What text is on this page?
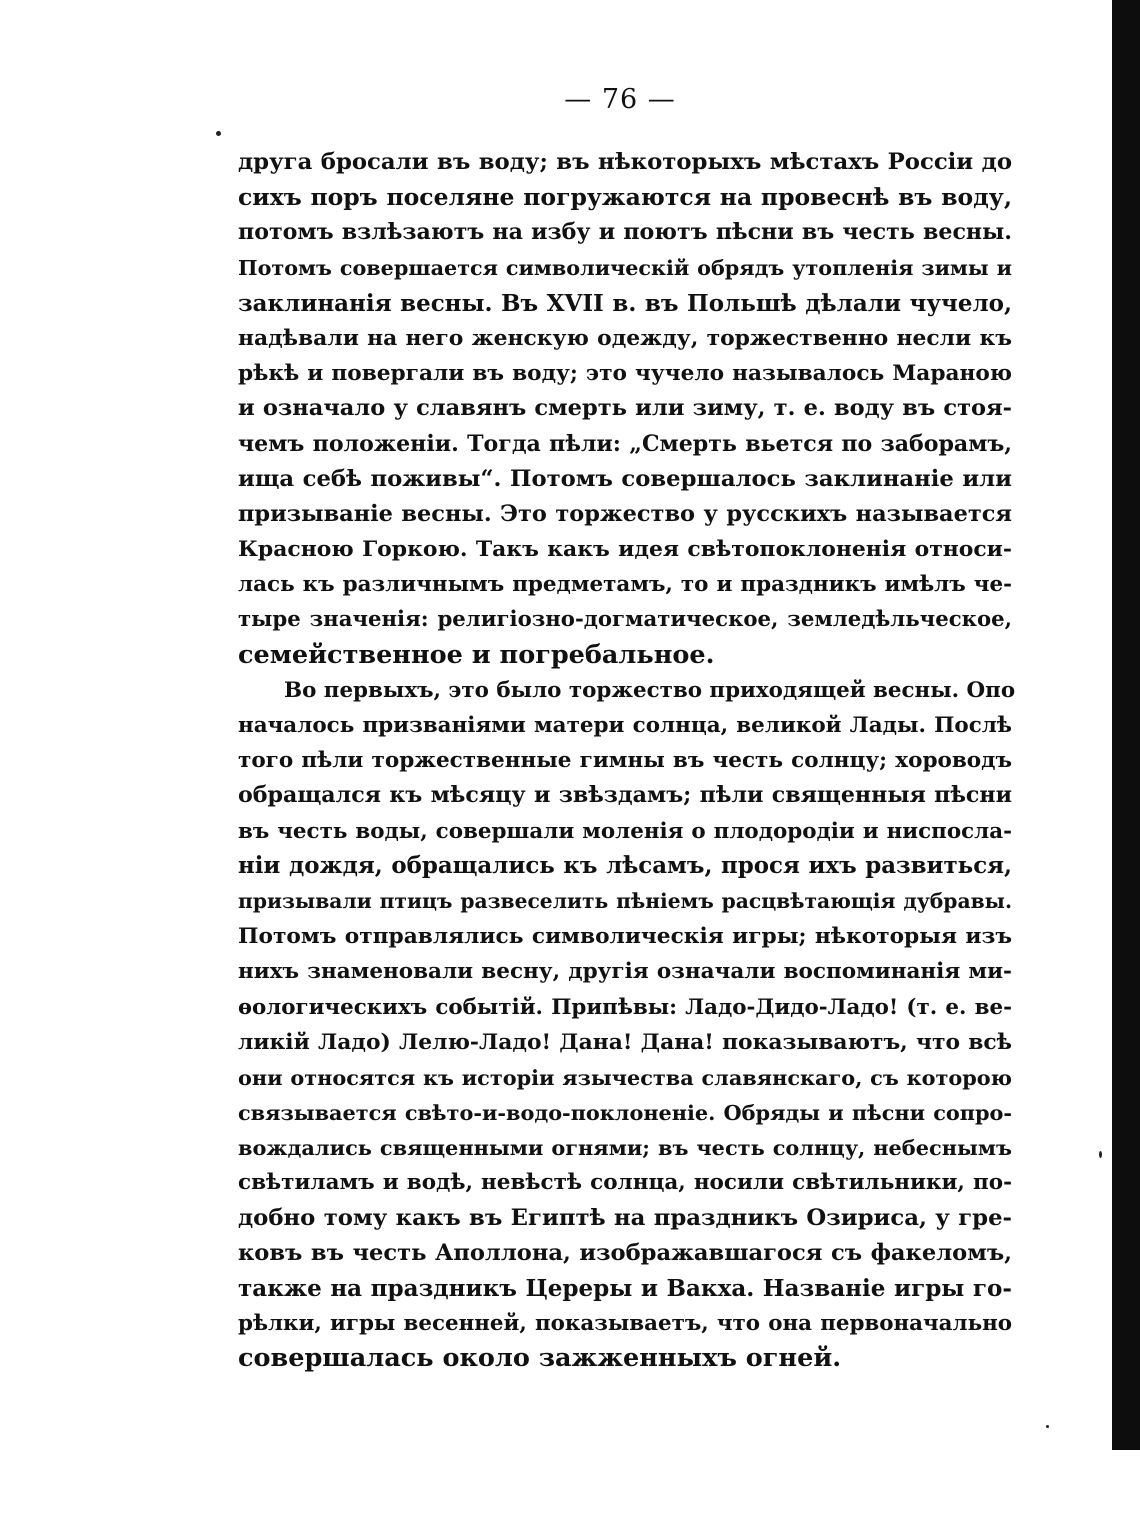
— 76 —
друга бросали въ воду; въ нѣкоторыхъ мѣстахъ Россіи до
сихъ поръ поселяне погружаются на провеснѣ въ воду,
потомъ взлѣзаютъ на избу и поютъ пѣсни въ честь весны.
Потомъ совершается символическій обрядъ утопленія зимы и
заклинанія весны. Въ XVII в. въ Польшѣ дѣлали чучело,
надѣвали на него женскую одежду, торжественно несли къ
рѣкѣ и повергали въ воду; это чучело называлось Мараною
и означало у славянъ смерть или зиму, т. е. воду въ стоя-
чемъ положеніи. Тогда пѣли: „Смерть вьется по заборамъ,
ища себѣ поживы“. Потомъ совершалось заклинаніе или
призываніе весны. Это торжество у русскихъ называется
Красною Горкою. Такъ какъ идея свѣтопоклоненія относи-
лась къ различнымъ предметамъ, то и праздникъ имѣлъ че-
тыре значенія: религіозно-догматическое, земледѣльческое,
семейственное и погребальное.
Во первыхъ, это было торжество приходящей весны. Опо
началось призваніями матери солнца, великой Лады. Послѣ
того пѣли торжественные гимны въ честь солнцу; хороводъ
обращался къ мѣсяцу и звѣздамъ; пѣли священныя пѣсни
въ честь воды, совершали моленія о плодородіи и ниспосла-
ніи дождя, обращались къ лѣсамъ, прося ихъ развиться,
призывали птицъ развеселить пѣніемъ расцвѣтающія дубравы.
Потомъ отправлялись символическія игры; нѣкоторыя изъ
нихъ знаменовали весну, другія означали воспоминанія ми-
ѳологическихъ событій. Припѣвы: Ладо-Дидо-Ладо! (т. е. ве-
ликій Ладо) Лелю-Ладо! Дана! Дана! показываютъ, что всѣ
они относятся къ исторіи язычества славянскаго, съ которою
связывается свѣто-и-водо-поклоненіе. Обряды и пѣсни сопро-
вождались священными огнями; въ честь солнцу, небеснымъ
свѣтиламъ и водѣ, невѣстѣ солнца, носили свѣтильники, по-
добно тому какъ въ Египтѣ на праздникъ Озириса, у гре-
ковъ въ честь Аполлона, изображавшагося съ факеломъ,
также на праздникъ Цереры и Вакха. Названіе игры го-
рѣлки, игры весенней, показываетъ, что она первоначально
совершалась около зажженныхъ огней.
